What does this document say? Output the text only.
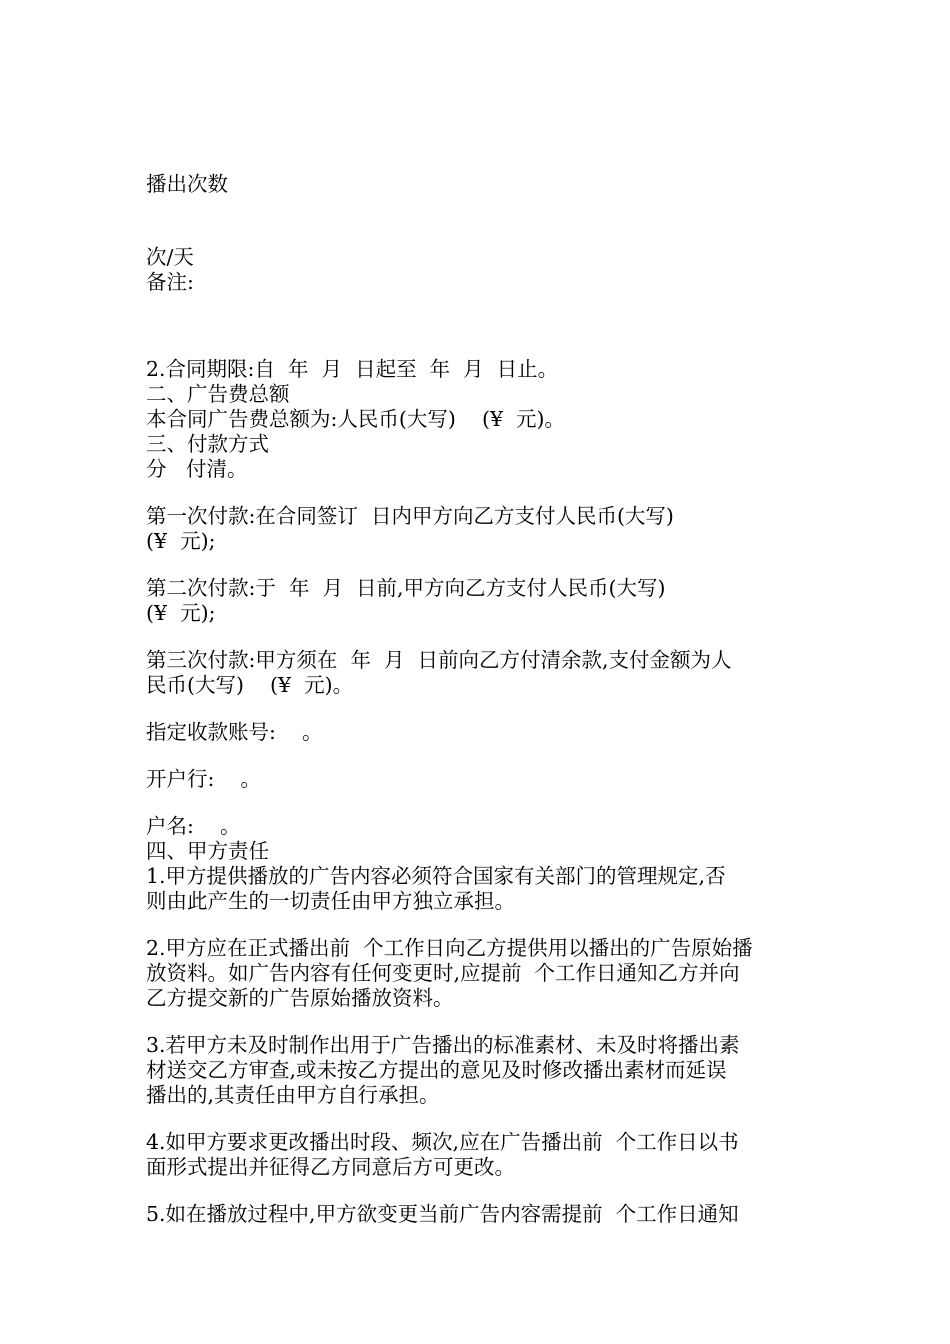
播出次数

次/天

备注:

2.合同期限:自  年  月  日起至  年  月  日止。

二、广告费总额

本合同广告费总额为:人民币(大写)    (¥  元)。

三、付款方式

分   付清。

第一次付款:在合同签订  日内甲方向乙方支付人民币(大写)

(¥  元);

第二次付款:于  年  月  日前,甲方向乙方支付人民币(大写)

(¥  元);

第三次付款:甲方须在  年  月  日前向乙方付清余款,支付金额为人

民币(大写)    (¥  元)。

指定收款账号:    。

开户行:    。

户名:    。

四、甲方责任

1.甲方提供播放的广告内容必须符合国家有关部门的管理规定,否

则由此产生的一切责任由甲方独立承担。

2.甲方应在正式播出前  个工作日向乙方提供用以播出的广告原始播

放资料。如广告内容有任何变更时,应提前  个工作日通知乙方并向

乙方提交新的广告原始播放资料。

3.若甲方未及时制作出用于广告播出的标准素材、未及时将播出素

材送交乙方审查,或未按乙方提出的意见及时修改播出素材而延误

播出的,其责任由甲方自行承担。

4.如甲方要求更改播出时段、频次,应在广告播出前  个工作日以书

面形式提出并征得乙方同意后方可更改。

5.如在播放过程中,甲方欲变更当前广告内容需提前  个工作日通知
